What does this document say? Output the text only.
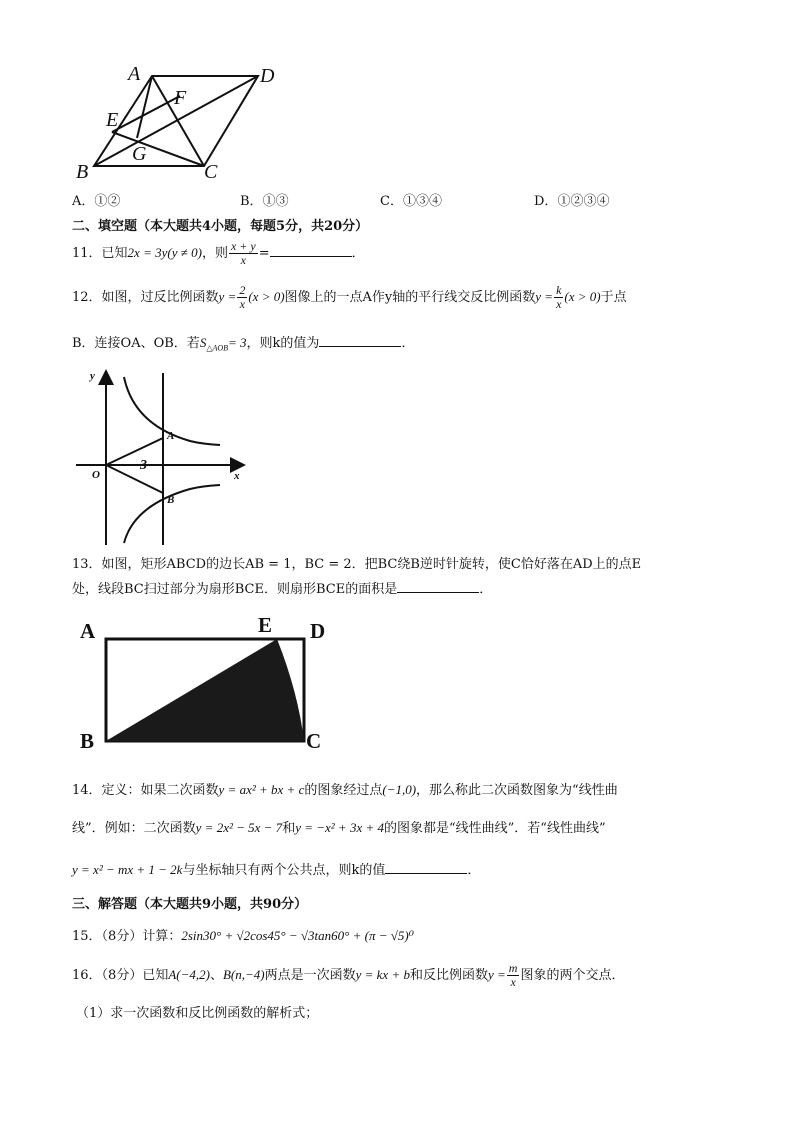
A	D
F
E
G
B	C
A．①②	B．①③	C．①③④	D．①②③④
二、填空题（本大题共4小题，每题5分，共20分）
11．已知2x = 3y(y ≠ 0)，则 $\frac{x + y}{x}$ =	．
12．如图，过反比例函数$y = \frac{2}{x} (x > 0)$图像上的一点A作y轴的平行线交反比例函数$y = \frac{k}{x} (x > 0)$于点
B．连接OA、OB．若$S_{\triangle AOB}= 3$，则k的值为	．
y
x
O
A
B
3
13．如图，矩形ABCD的边长AB = 1，BC = 2．把BC绕B逆时针旋转，使C恰好落在AD上的点E
处，线段BC扫过部分为扇形BCE．则扇形BCE的面积是	．
A	E D
B	C
14．定义：如果二次函数y = ax² + bx + c的图象经过点(−1,0)，那么称此二次函数图象为“线性曲
线”．例如：二次函数y = 2x² − 5x − 7和y = −x² + 3x + 4的图象都是“线性曲线”．若“线性曲线”
y = x² − mx + 1 − 2k与坐标轴只有两个公共点，则k的值	．
三、解答题（本大题共9小题，共90分）
15．（8分）计算：2sin30° + √2cos45° − √3tan60° + (π − √5)⁰
16．（8分）已知A(−4,2)、B(n,−4)两点是一次函数y = kx + b和反比例函数$y = \frac{m}{x}$ 图象的两个交点．
（1）求一次函数和反比例函数的解析式；
